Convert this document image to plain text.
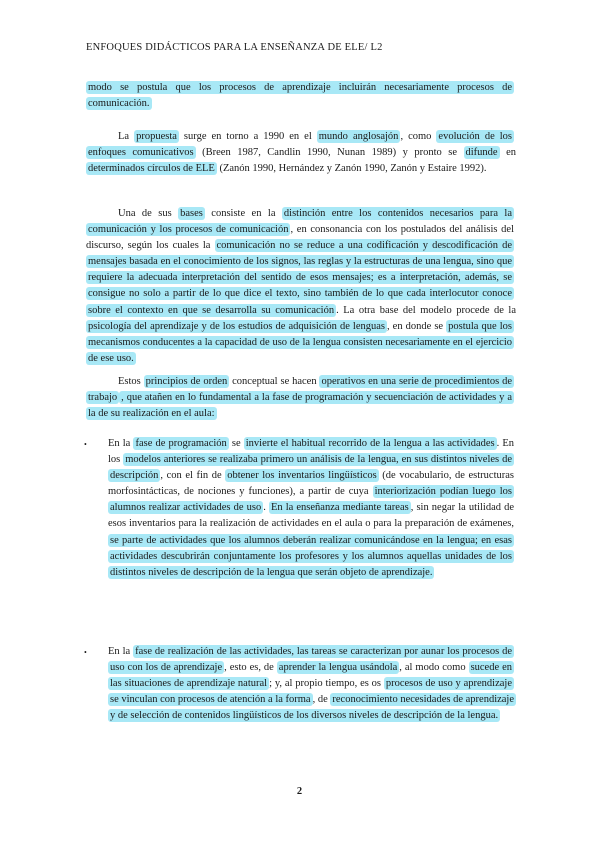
ENFOQUES DIDÁCTICOS PARA LA ENSEÑANZA DE ELE/ L2

modo se postula que los procesos de aprendizaje incluirán necesariamente procesos de comunicación.

La propuesta surge en torno a 1990 en el mundo anglosajón , como evolución de los enfoques comunicativos (Breen 1987, Candlin 1990, Nunan 1989) y pronto se difunde en determinados círculos de ELE (Zanón 1990, Hernández y Zanón 1990, Zanón y Estaire 1992).

Una de sus bases consiste en la distinción entre los contenidos necesarios para la comunicación y los procesos de comunicación , en consonancia con los postulados del análisis del discurso, según los cuales la comunicación no se reduce a una codificación y descodificación de mensajes basada en el conocimiento de los signos, las reglas y la estructuras de una lengua, sino que requiere la adecuada interpretación del sentido de esos mensajes; es a interpretación, además, se consigue no solo a partir de lo que dice el texto, sino también de lo que cada interlocutor conoce sobre el contexto en que se desarrolla su comunicación . La otra base del modelo procede de la psicología del aprendizaje y de los estudios de adquisición de lenguas , en donde se postula que los mecanismos conducentes a la capacidad de uso de la lengua consisten necesariamente en el ejercicio de ese uso.

Estos principios de orden conceptual se hacen operativos en una serie de procedimientos de trabajo , que atañen en lo fundamental a la fase de programación y secuenciación de actividades y a la de su realización en el aula:

• En la fase de programación se invierte el habitual recorrido de la lengua a las actividades . En los modelos anteriores se realizaba primero un análisis de la lengua, en sus distintos niveles de descripción , con el fin de obtener los inventarios lingüísticos (de vocabulario, de estructuras morfosintácticas, de nociones y funciones), a partir de cuya interiorización podían luego los alumnos realizar actividades de uso . En la enseñanza mediante tareas , sin negar la utilidad de esos inventarios para la realización de actividades en el aula o para la preparación de exámenes, se parte de actividades que los alumnos deberán realizar comunicándose en la lengua; en esas actividades descubrirán conjuntamente los profesores y los alumnos aquellas unidades de los distintos niveles de descripción de la lengua que serán objeto de aprendizaje.

• En la fase de realización de las actividades, las tareas se caracterizan por aunar los procesos de uso con los de aprendizaje , esto es, de aprender la lengua usándola , al modo como sucede en las situaciones de aprendizaje natural ; y, al propio tiempo, es os procesos de uso y aprendizaje se vinculan con procesos de atención a la forma , de reconocimiento necesidades de aprendizaje y de selección de contenidos lingüísticos de los diversos niveles de descripción de la lengua.

2
